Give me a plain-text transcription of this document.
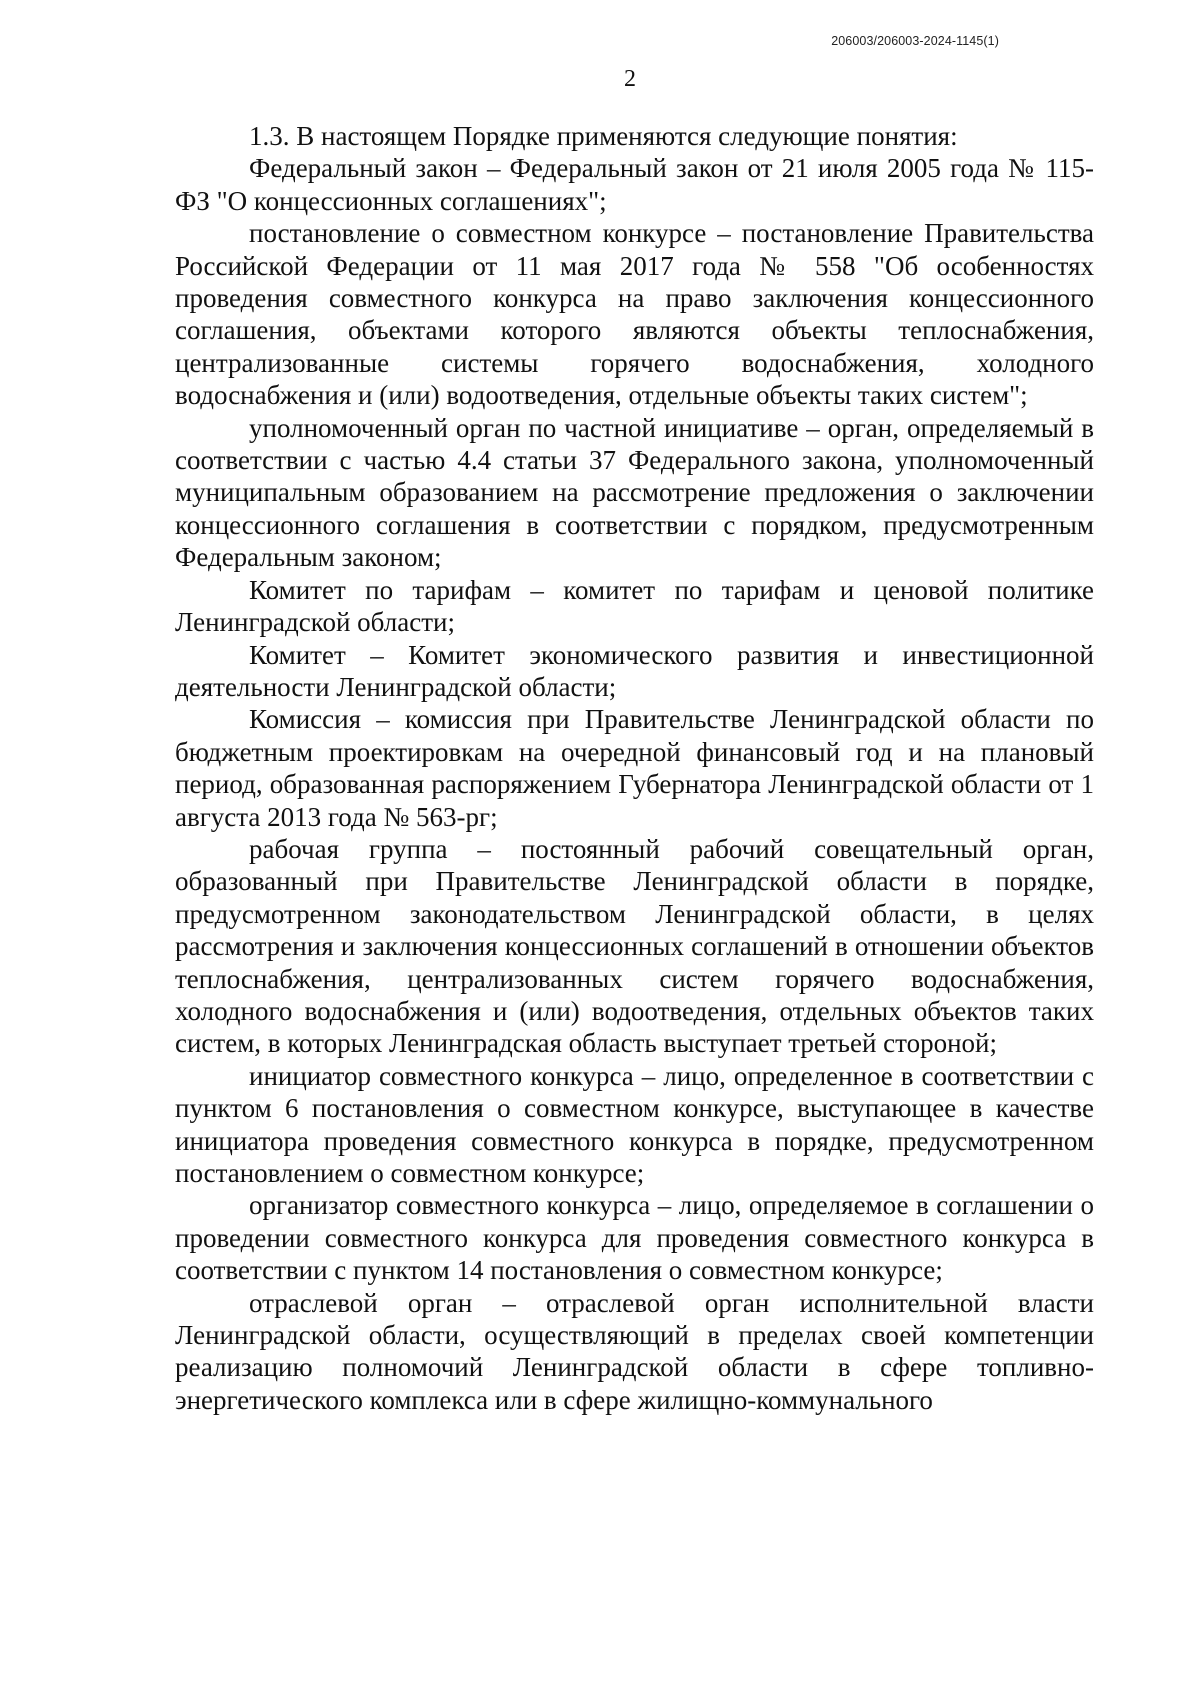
206003/206003-2024-1145(1)
2

1.3. В настоящем Порядке применяются следующие понятия:

Федеральный закон – Федеральный закон от 21 июля 2005 года № 115-ФЗ "О концессионных соглашениях";

постановление о совместном конкурсе – постановление Правительства Российской Федерации от 11 мая 2017 года № 558 "Об особенностях проведения совместного конкурса на право заключения концессионного соглашения, объектами которого являются объекты теплоснабжения, централизованные системы горячего водоснабжения, холодного водоснабжения и (или) водоотведения, отдельные объекты таких систем";

уполномоченный орган по частной инициативе – орган, определяемый в соответствии с частью 4.4 статьи 37 Федерального закона, уполномоченный муниципальным образованием на рассмотрение предложения о заключении концессионного соглашения в соответствии с порядком, предусмотренным Федеральным законом;

Комитет по тарифам – комитет по тарифам и ценовой политике Ленинградской области;

Комитет – Комитет экономического развития и инвестиционной деятельности Ленинградской области;

Комиссия – комиссия при Правительстве Ленинградской области по бюджетным проектировкам на очередной финансовый год и на плановый период, образованная распоряжением Губернатора Ленинградской области от 1 августа 2013 года № 563-рг;

рабочая группа – постоянный рабочий совещательный орган, образованный при Правительстве Ленинградской области в порядке, предусмотренном законодательством Ленинградской области, в целях рассмотрения и заключения концессионных соглашений в отношении объектов теплоснабжения, централизованных систем горячего водоснабжения, холодного водоснабжения и (или) водоотведения, отдельных объектов таких систем, в которых Ленинградская область выступает третьей стороной;

инициатор совместного конкурса – лицо, определенное в соответствии с пунктом 6 постановления о совместном конкурсе, выступающее в качестве инициатора проведения совместного конкурса в порядке, предусмотренном постановлением о совместном конкурсе;

организатор совместного конкурса – лицо, определяемое в соглашении о проведении совместного конкурса для проведения совместного конкурса в соответствии с пунктом 14 постановления о совместном конкурсе;

отраслевой орган – отраслевой орган исполнительной власти Ленинградской области, осуществляющий в пределах своей компетенции реализацию полномочий Ленинградской области в сфере топливно-энергетического комплекса или в сфере жилищно-коммунального
